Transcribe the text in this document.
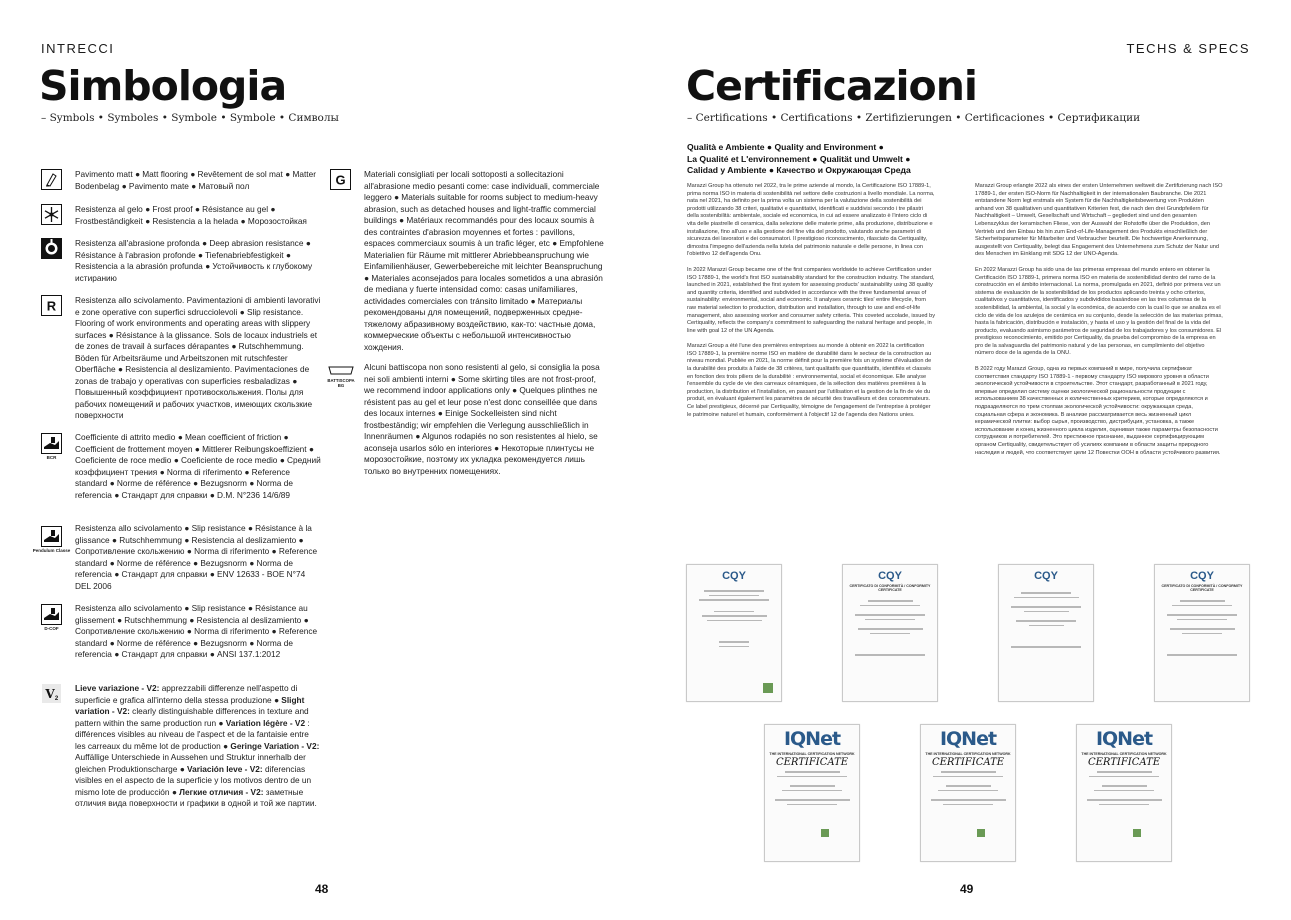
INTRECCI
Simbologia
– Symbols • Symboles • Symbole • Symbole • Символы
Pavimento matt ● Matt flooring ● Revêtement de sol mat ● Matter Bodenbelag ● Pavimento mate ● Матовый пол
Resistenza al gelo ● Frost proof ● Résistance au gel ● Frostbeständigkeit ● Resistencia a la helada ● Морозостойкая
Resistenza all'abrasione profonda ● Deep abrasion resistance ● Résistance à l'abrasion profonde ● Tiefenabriebfestigkeit ● Resistencia a la abrasión profunda ● Устойчивость к глубокому истиранию
R Resistenza allo scivolamento. Pavimentazioni di ambienti lavorativi e zone operative con superfici sdrucciolevoli ● Slip resistance. Flooring of work environments and operating areas with slippery surfaces ● Résistance à la glissance. Sols de locaux industriels et de zones de travail à surfaces dérapantes ● Rutschhemmung. Böden für Arbeitsräume und Arbeitszonen mit rutschfester Oberfläche ● Resistencia al deslizamiento. Pavimentaciones de zonas de trabajo y operativas con superficies resbaladizas ● Повышенный коэффициент противоскольжения. Полы для рабочих помещений и рабочих участков, имеющих скользкие поверхности
BCR
Coefficiente di attrito medio ● Mean coefficient of friction ● Coefficient de frottement moyen ● Mittlerer Reibungskoeffizient ● Coeficiente de roce medio ● Coeficiente de roce medio ● Средний коэффициент трения ● Norma di riferimento ● Reference standard ● Norme de référence ● Bezugsnorm ● Norma de referencia ● Стандарт для справки ● D.M. N°236 14/6/89
Pendulum Classe
Resistenza allo scivolamento ● Slip resistance ● Résistance à la glissance ● Rutschhemmung ● Resistencia al deslizamiento ● Сопротивление скольжению ● Norma di riferimento ● Reference standard ● Norme de référence ● Bezugsnorm ● Norma de referencia ● Стандарт для справки ● ENV 12633 - BOE N°74 DEL 2006
D-COF
Resistenza allo scivolamento ● Slip resistance ● Résistance au glissement ● Rutschhemmung ● Resistencia al deslizamiento ● Сопротивление скольжению ● Norma di riferimento ● Reference standard ● Norme de référence ● Bezugsnorm ● Norma de referencia ● Стандарт для справки ● ANSI 137.1:2012
V 2
Lieve variazione - V2: apprezzabili differenze nell'aspetto di superficie e grafica all'interno della stessa produzione ● Slight variation - V2: clearly distinguishable differences in texture and pattern within the same production run ● Variation légère - V2 : différences visibles au niveau de l'aspect et de la fantaisie entre les carreaux du même lot de production ● Geringe Variation - V2: Auffällige Unterschiede in Aussehen und Struktur innerhalb der gleichen Produktionscharge ● Variación leve - V2: diferencias visibles en el aspecto de la superficie y los motivos dentro de un mismo lote de producción ● Легкие отличия - V2: заметные отличия вида поверхности и графики в одной и той же партии.
G Materiali consigliati per locali sottoposti a sollecitazioni all'abrasione medio pesanti come: case individuali, commerciale leggero ● Materials suitable for rooms subject to medium-heavy abrasion, such as detached houses and light-traffic commercial buildings ● Matériaux recommandés pour des locaux soumis à des contraintes d'abrasion moyennes et fortes : pavillons, espaces commerciaux soumis à un trafic léger, etc ● Empfohlene Materialien für Räume mit mittlerer Abriebbeanspruchung wie Einfamilienhäuser, Gewerbebereiche mit leichter Beanspruchung ● Materiales aconsejados para locales sometidos a una abrasión de mediana y fuerte intensidad como: casas unifamiliares, actividades comerciales con tránsito limitado ● Материалы рекомендованы для помещений, подверженных средне-тяжелому абразивному воздействию, как-то: частные дома, коммерческие объекты с небольшой интенсивностью хождения.
BATTISCOPA BG
Alcuni battiscopa non sono resistenti al gelo, si consiglia la posa nei soli ambienti interni ● Some skirting tiles are not frost-proof, we recommend indoor applications only ● Quelques plinthes ne résistent pas au gel et leur pose n'est donc conseillée que dans des locaux internes ● Einige Sockelleisten sind nicht frostbeständig; wir empfehlen die Verlegung ausschließlich in Innenräumen ● Algunos rodapiés no son resistentes al hielo, se aconseja usarlos sólo en interiores ● Некоторые плинтусы не морозостойкие, поэтому их укладка рекомендуется лишь только во внутренних помещениях.
48
TECHS & SPECS
Certificazioni
– Certifications • Certifications • Zertifizierungen • Certificaciones • Сертификации
Qualità e Ambiente ● Quality and Environment ●
La Qualité et L'environnement ● Qualität und Umwelt ●
Calidad y Ambiente ● Качество и Окружающая Среда

Marazzi Group ha ottenuto nel 2022, tra le prime aziende al mondo, la Certificazione ISO 17889-1, prima norma ISO in materia di sostenibilità nel settore delle costruzioni a livello mondiale. La norma, nata nel 2021, ha definito per la prima volta un sistema per la valutazione della sostenibilità dei prodotti utilizzando 38 criteri, qualitativi e quantitativi, identificati e suddivisi secondo i tre pilastri della sostenibilità: ambientale, sociale ed economica, in cui ad essere analizzato è l'intero ciclo di vita delle piastrelle di ceramica, dalla selezione delle materie prime, alla produzione, distribuzione e installazione, fino all'uso e alla gestione del fine vita del prodotto, valutando anche parametri di sicurezza dei lavoratori e dei consumatori. Il prestigioso riconoscimento, rilasciato da Certiquality, dimostra l'impegno dell'azienda nella tutela del patrimonio naturale e delle persone, in linea con l'obiettivo 12 dell'agenda Onu.

In 2022 Marazzi Group became one of the first companies worldwide to achieve Certification under ISO 17889-1, the world's first ISO sustainability standard for the construction industry. The standard, launched in 2021, established the first system for assessing products' sustainability using 38 quality and quantity criteria, identified and subdivided in accordance with the three fundamental areas of sustainability: environmental, social and economic. It analyses ceramic tiles' entire lifecycle, from raw material selection to production, distribution and installation, through to use and end-of-life management, also assessing worker and consumer safety criteria. This coveted accolade, issued by Certiquality, reflects the company's commitment to safeguarding the natural heritage and people, in line with goal 12 of the UN Agenda.

Marazzi Group a été l'une des premières entreprises au monde à obtenir en 2022 la certification ISO 17889-1, la première norme ISO en matière de durabilité dans le secteur de la construction au niveau mondial. Publiée en 2021, la norme définit pour la première fois un système d'évaluation de la durabilité des produits à l'aide de 38 critères, tant qualitatifs que quantitatifs, identifiés et classés en fonction des trois piliers de la durabilité : environnemental, social et économique. Elle analyse l'ensemble du cycle de vie des carreaux céramiques, de la sélection des matières premières à la production, la distribution et l'installation, en passant par l'utilisation et la gestion de la fin de vie du produit, en évaluant également les paramètres de sécurité des travailleurs et des consommateurs. Ce label prestigieux, décerné par Certiquality, témoigne de l'engagement de l'entreprise à protéger le patrimoine naturel et humain, conformément à l'objectif 12 de l'agenda des Nations unies.

Marazzi Group erlangte 2022 als eines der ersten Unternehmen weltweit die Zertifizierung nach ISO 17889-1, der ersten ISO-Norm für Nachhaltigkeit in der internationalen Baubranche. Die 2021 entstandene Norm legt erstmals ein System für die Nachhaltigkeitsbewertung von Produkten anhand von 38 qualitativen und quantitativen Kriterien fest, die nach den drei Grundpfeilern für Nachhaltigkeit – Umwelt, Gesellschaft und Wirtschaft – gegliedert sind und den gesamten Lebenszyklus der keramischen Fliese, von der Auswahl der Rohstoffe über die Produktion, den Vertrieb und den Einbau bis hin zum End-of-Life-Management des Produkts einschließlich der Sicherheitsparameter für Mitarbeiter und Verbraucher beurteilt. Die hochwertige Anerkennung, ausgestellt von Certiquality, belegt das Engagement des Unternehmens zum Schutz der Natur und des Menschen im Einklang mit SDG 12 der UNO-Agenda.

En 2022 Marazzi Group ha sido una de las primeras empresas del mundo entero en obtener la Certificación ISO 17889-1, primera norma ISO en materia de sostenibilidad dentro del ramo de la construcción en el ámbito internacional. La norma, promulgada en 2021, definió por primera vez un sistema de evaluación de la sostenibilidad de los productos aplicando treinta y ocho criterios, cualitativos y cuantitativos, identificados y subdivididos basándose en las tres columnas de la sostenibilidad, la ambiental, la social y la económica, de acuerdo con la cual lo que se analiza es el ciclo de vida de los azulejos de cerámica en su conjunto, desde la selección de las materias primas, hasta la fabricación, distribución e instalación, y hasta el uso y la gestión del final de la vida del producto, evaluando asimismo parámetros de seguridad de los trabajadores y los consumidores. El prestigioso reconocimiento, emitido por Certiquality, da prueba del compromiso de la empresa en pro de la salvaguardia del patrimonio natural y de las personas, en cumplimiento del objetivo número doce de la agenda de la ONU.

В 2022 году Marazzi Group, одна из первых компаний в мире, получила сертификат соответствия стандарту ISO 17889-1 - первому стандарту ISO мирового уровня в области экологической устойчивости в строительстве. Этот стандарт, разработанный в 2021 году, впервые определил систему оценки экологической рациональности продукции с использованием 38 качественных и количественных критериев, которые определяются и подразделяются по трем столпам экологической устойчивости: окружающая среда, социальная сфера и экономика. В анализе рассматривается весь жизненный цикл керамической плитки: выбор сырья, производство, дистрибуция, установка, а также использование и конец жизненного цикла изделия, оценивая также параметры безопасности сотрудников и потребителей. Это престижное признание, выданное сертифицирующим органом Certiquality, свидетельствует об усилиях компании в области защиты природного наследия и людей, что соответствует цели 12 Повестки ООН в области устойчивого развития.

CQY	CQY
CERTIFICATO DI CONFORMITÀ / CONFORMITY CERTIFICATE
CQY	CQY
CERTIFICATO DI CONFORMITÀ / CONFORMITY CERTIFICATE
IQNet
THE INTERNATIONAL CERTIFICATION NETWORK
CERTIFICATE
IQNet
THE INTERNATIONAL CERTIFICATION NETWORK
CERTIFICATE
IQNet
THE INTERNATIONAL CERTIFICATION NETWORK
CERTIFICATE
49
